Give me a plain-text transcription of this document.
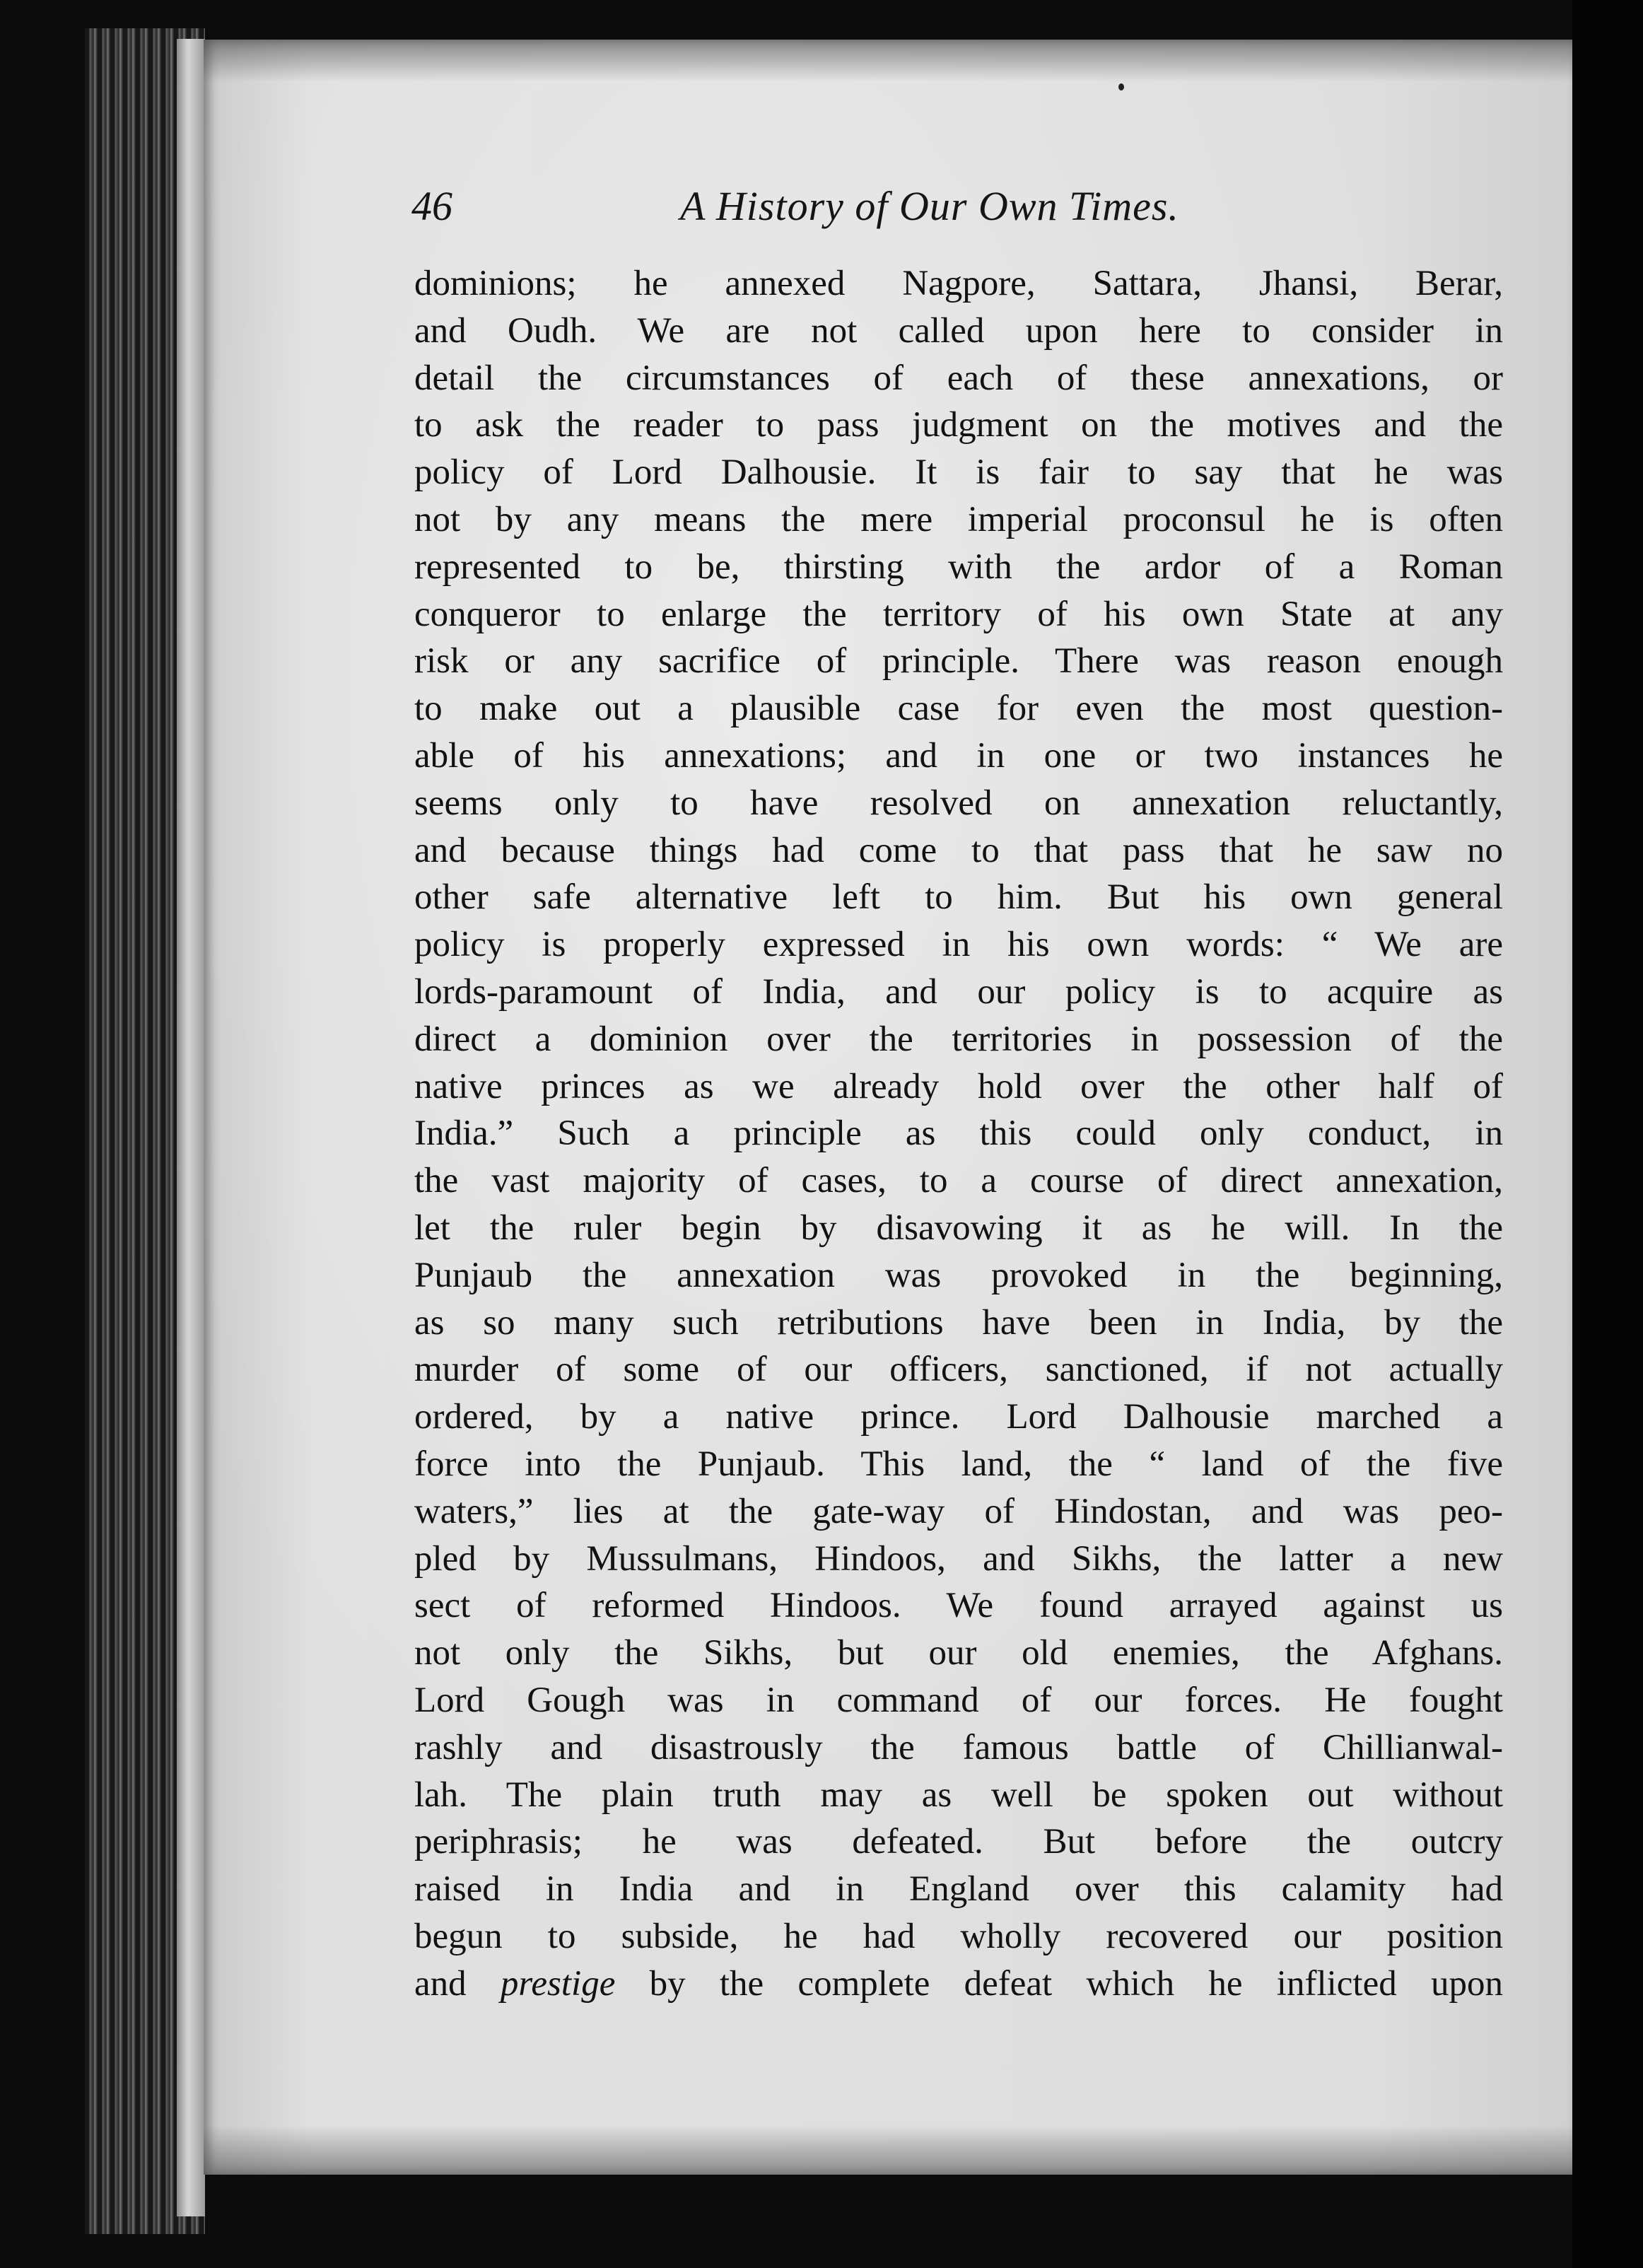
46	A History of Our Own Times.
dominions; he annexed Nagpore, Sattara, Jhansi, Berar,
and Oudh. We are not called upon here to consider in
detail the circumstances of each of these annexations, or
to ask the reader to pass judgment on the motives and the
policy of Lord Dalhousie. It is fair to say that he was
not by any means the mere imperial proconsul he is often
represented to be, thirsting with the ardor of a Roman
conqueror to enlarge the territory of his own State at any
risk or any sacrifice of principle. There was reason enough
to make out a plausible case for even the most question-
able of his annexations; and in one or two instances he
seems only to have resolved on annexation reluctantly,
and because things had come to that pass that he saw no
other safe alternative left to him. But his own general
policy is properly expressed in his own words: “ We are
lords-paramount of India, and our policy is to acquire as
direct a dominion over the territories in possession of the
native princes as we already hold over the other half of
India.” Such a principle as this could only conduct, in
the vast majority of cases, to a course of direct annexation,
let the ruler begin by disavowing it as he will. In the
Punjaub the annexation was provoked in the beginning,
as so many such retributions have been in India, by the
murder of some of our officers, sanctioned, if not actually
ordered, by a native prince. Lord Dalhousie marched a
force into the Punjaub. This land, the “ land of the five
waters,” lies at the gate-way of Hindostan, and was peo-
pled by Mussulmans, Hindoos, and Sikhs, the latter a new
sect of reformed Hindoos. We found arrayed against us
not only the Sikhs, but our old enemies, the Afghans.
Lord Gough was in command of our forces. He fought
rashly and disastrously the famous battle of Chillianwal-
lah. The plain truth may as well be spoken out without
periphrasis; he was defeated. But before the outcry
raised in India and in England over this calamity had
begun to subside, he had wholly recovered our position
and prestige by the complete defeat which he inflicted upon
